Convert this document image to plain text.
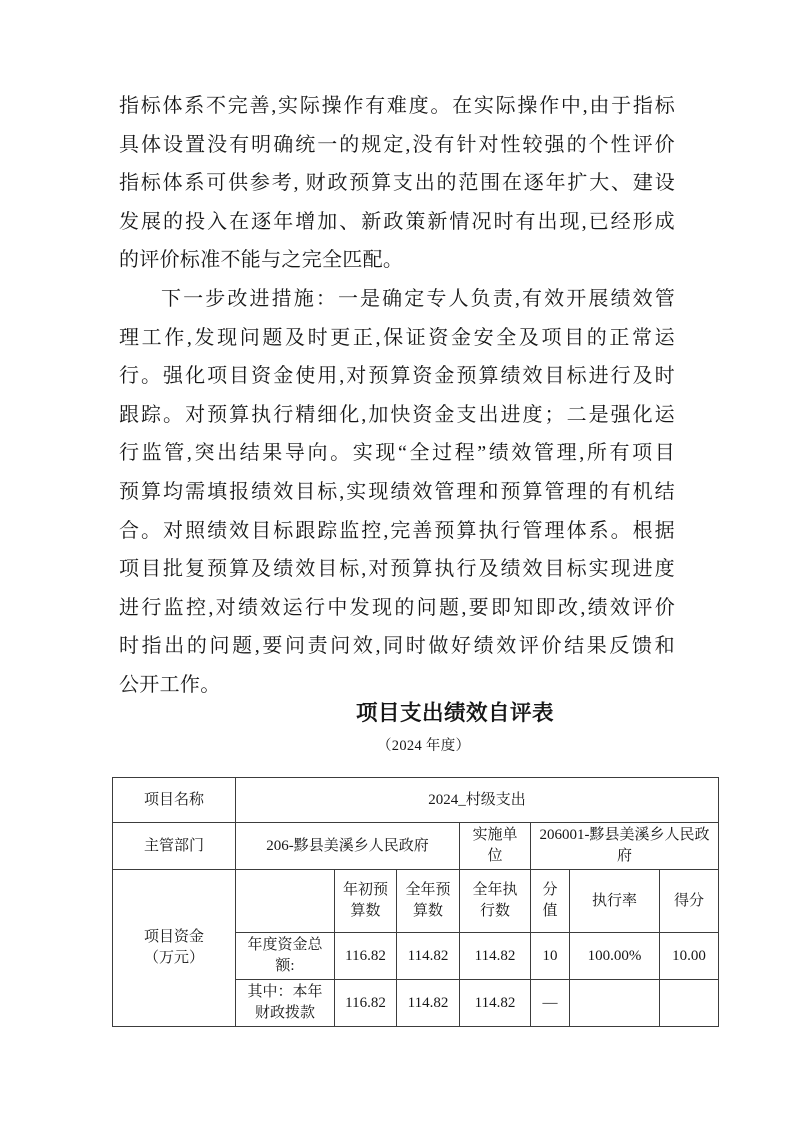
指标体系不完善,实际操作有难度。在实际操作中,由于指标
具体设置没有明确统一的规定,没有针对性较强的个性评价
指标体系可供参考, 财政预算支出的范围在逐年扩大、建设
发展的投入在逐年增加、新政策新情况时有出现,已经形成
的评价标准不能与之完全匹配。
下一步改进措施：一是确定专人负责,有效开展绩效管
理工作,发现问题及时更正,保证资金安全及项目的正常运
行。强化项目资金使用,对预算资金预算绩效目标进行及时
跟踪。对预算执行精细化,加快资金支出进度；二是强化运
行监管,突出结果导向。实现“全过程”绩效管理,所有项目
预算均需填报绩效目标,实现绩效管理和预算管理的有机结
合。对照绩效目标跟踪监控,完善预算执行管理体系。根据
项目批复预算及绩效目标,对预算执行及绩效目标实现进度
进行监控,对绩效运行中发现的问题,要即知即改,绩效评价
时指出的问题,要问责问效,同时做好绩效评价结果反馈和
公开工作。
项目支出绩效自评表
（2024 年度）
项目名称	2024_村级支出						
主管部门	206-黟县美溪乡人民政府			实施单位	206001-黟县美溪乡人民政府		

项目资金
（万元）		年初预算数	全年预算数	全年执行数	分值	执行率	得分
	年度资金总额:	116.82	114.82	114.82	10	100.00%	10.00
	其中：本年财政拨款	116.82	114.82	114.82	—		
